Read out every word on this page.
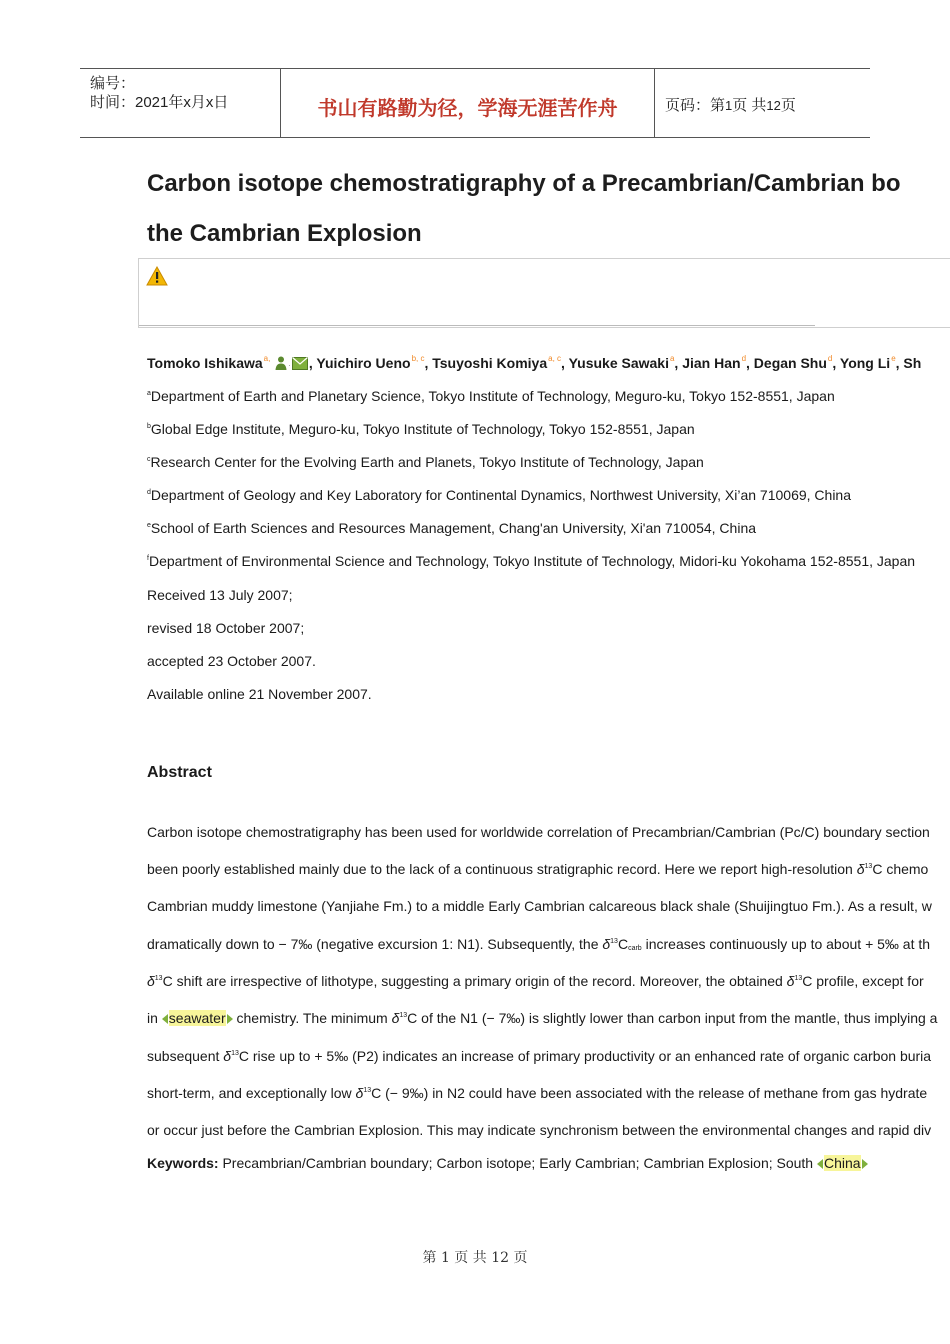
编号：
时间：2021年x月x日	书山有路勤为径，学海无涯苦作舟	页码：第1页 共12页
Carbon isotope chemostratigraphy of a Precambrian/Cambrian bo
the Cambrian Explosion
Tomoko Ishikawa$^{a,}$ · , Yuichiro Ueno$^{b, c}$, Tsuyoshi Komiya$^{a, c}$, Yusuke Sawaki$^a$, Jian Han$^d$, Degan Shu$^d$, Yong Li$^e$, Sh
$^a$Department of Earth and Planetary Science, Tokyo Institute of Technology, Meguro-ku, Tokyo 152-8551, Japan
$^b$Global Edge Institute, Meguro-ku, Tokyo Institute of Technology, Tokyo 152-8551, Japan
$^c$Research Center for the Evolving Earth and Planets, Tokyo Institute of Technology, Japan
$^d$Department of Geology and Key Laboratory for Continental Dynamics, Northwest University, Xi’an 710069, China
$^e$School of Earth Sciences and Resources Management, Chang'an University, Xi'an 710054, China
$^f$Department of Environmental Science and Technology, Tokyo Institute of Technology, Midori-ku Yokohama 152-8551, Japan
Received 13 July 2007;
revised 18 October 2007;
accepted 23 October 2007.
Available online 21 November 2007.
Abstract
Carbon isotope chemostratigraphy has been used for worldwide correlation of Precambrian/Cambrian (Pc/C) boundary section
been poorly established mainly due to the lack of a continuous stratigraphic record. Here we report high-resolution $\delta^{13}C$ chemo
Cambrian muddy limestone (Yanjiahe Fm.) to a middle Early Cambrian calcareous black shale (Shuijingtuo Fm.). As a result, w
dramatically down to − 7‰ (negative excursion 1: N1). Subsequently, the $\delta^{13}C_{carb}$ increases continuously up to about + 5‰ at th
$\delta^{13}C$ shift are irrespective of lithotype, suggesting a primary origin of the record. Moreover, the obtained $\delta^{13}C$ profile, except for
in seawater chemistry. The minimum $\delta^{13}C$ of the N1 (− 7‰) is slightly lower than carbon input from the mantle, thus implying a
subsequent $\delta^{13}C$ rise up to + 5‰ (P2) indicates an increase of primary productivity or an enhanced rate of organic carbon buria
short-term, and exceptionally low $\delta^{13}C$ (− 9‰) in N2 could have been associated with the release of methane from gas hydrate
or occur just before the Cambrian Explosion. This may indicate synchronism between the environmental changes and rapid div
Keywords: Precambrian/Cambrian boundary; Carbon isotope; Early Cambrian; Cambrian Explosion; South China
第 1 页 共 12 页
